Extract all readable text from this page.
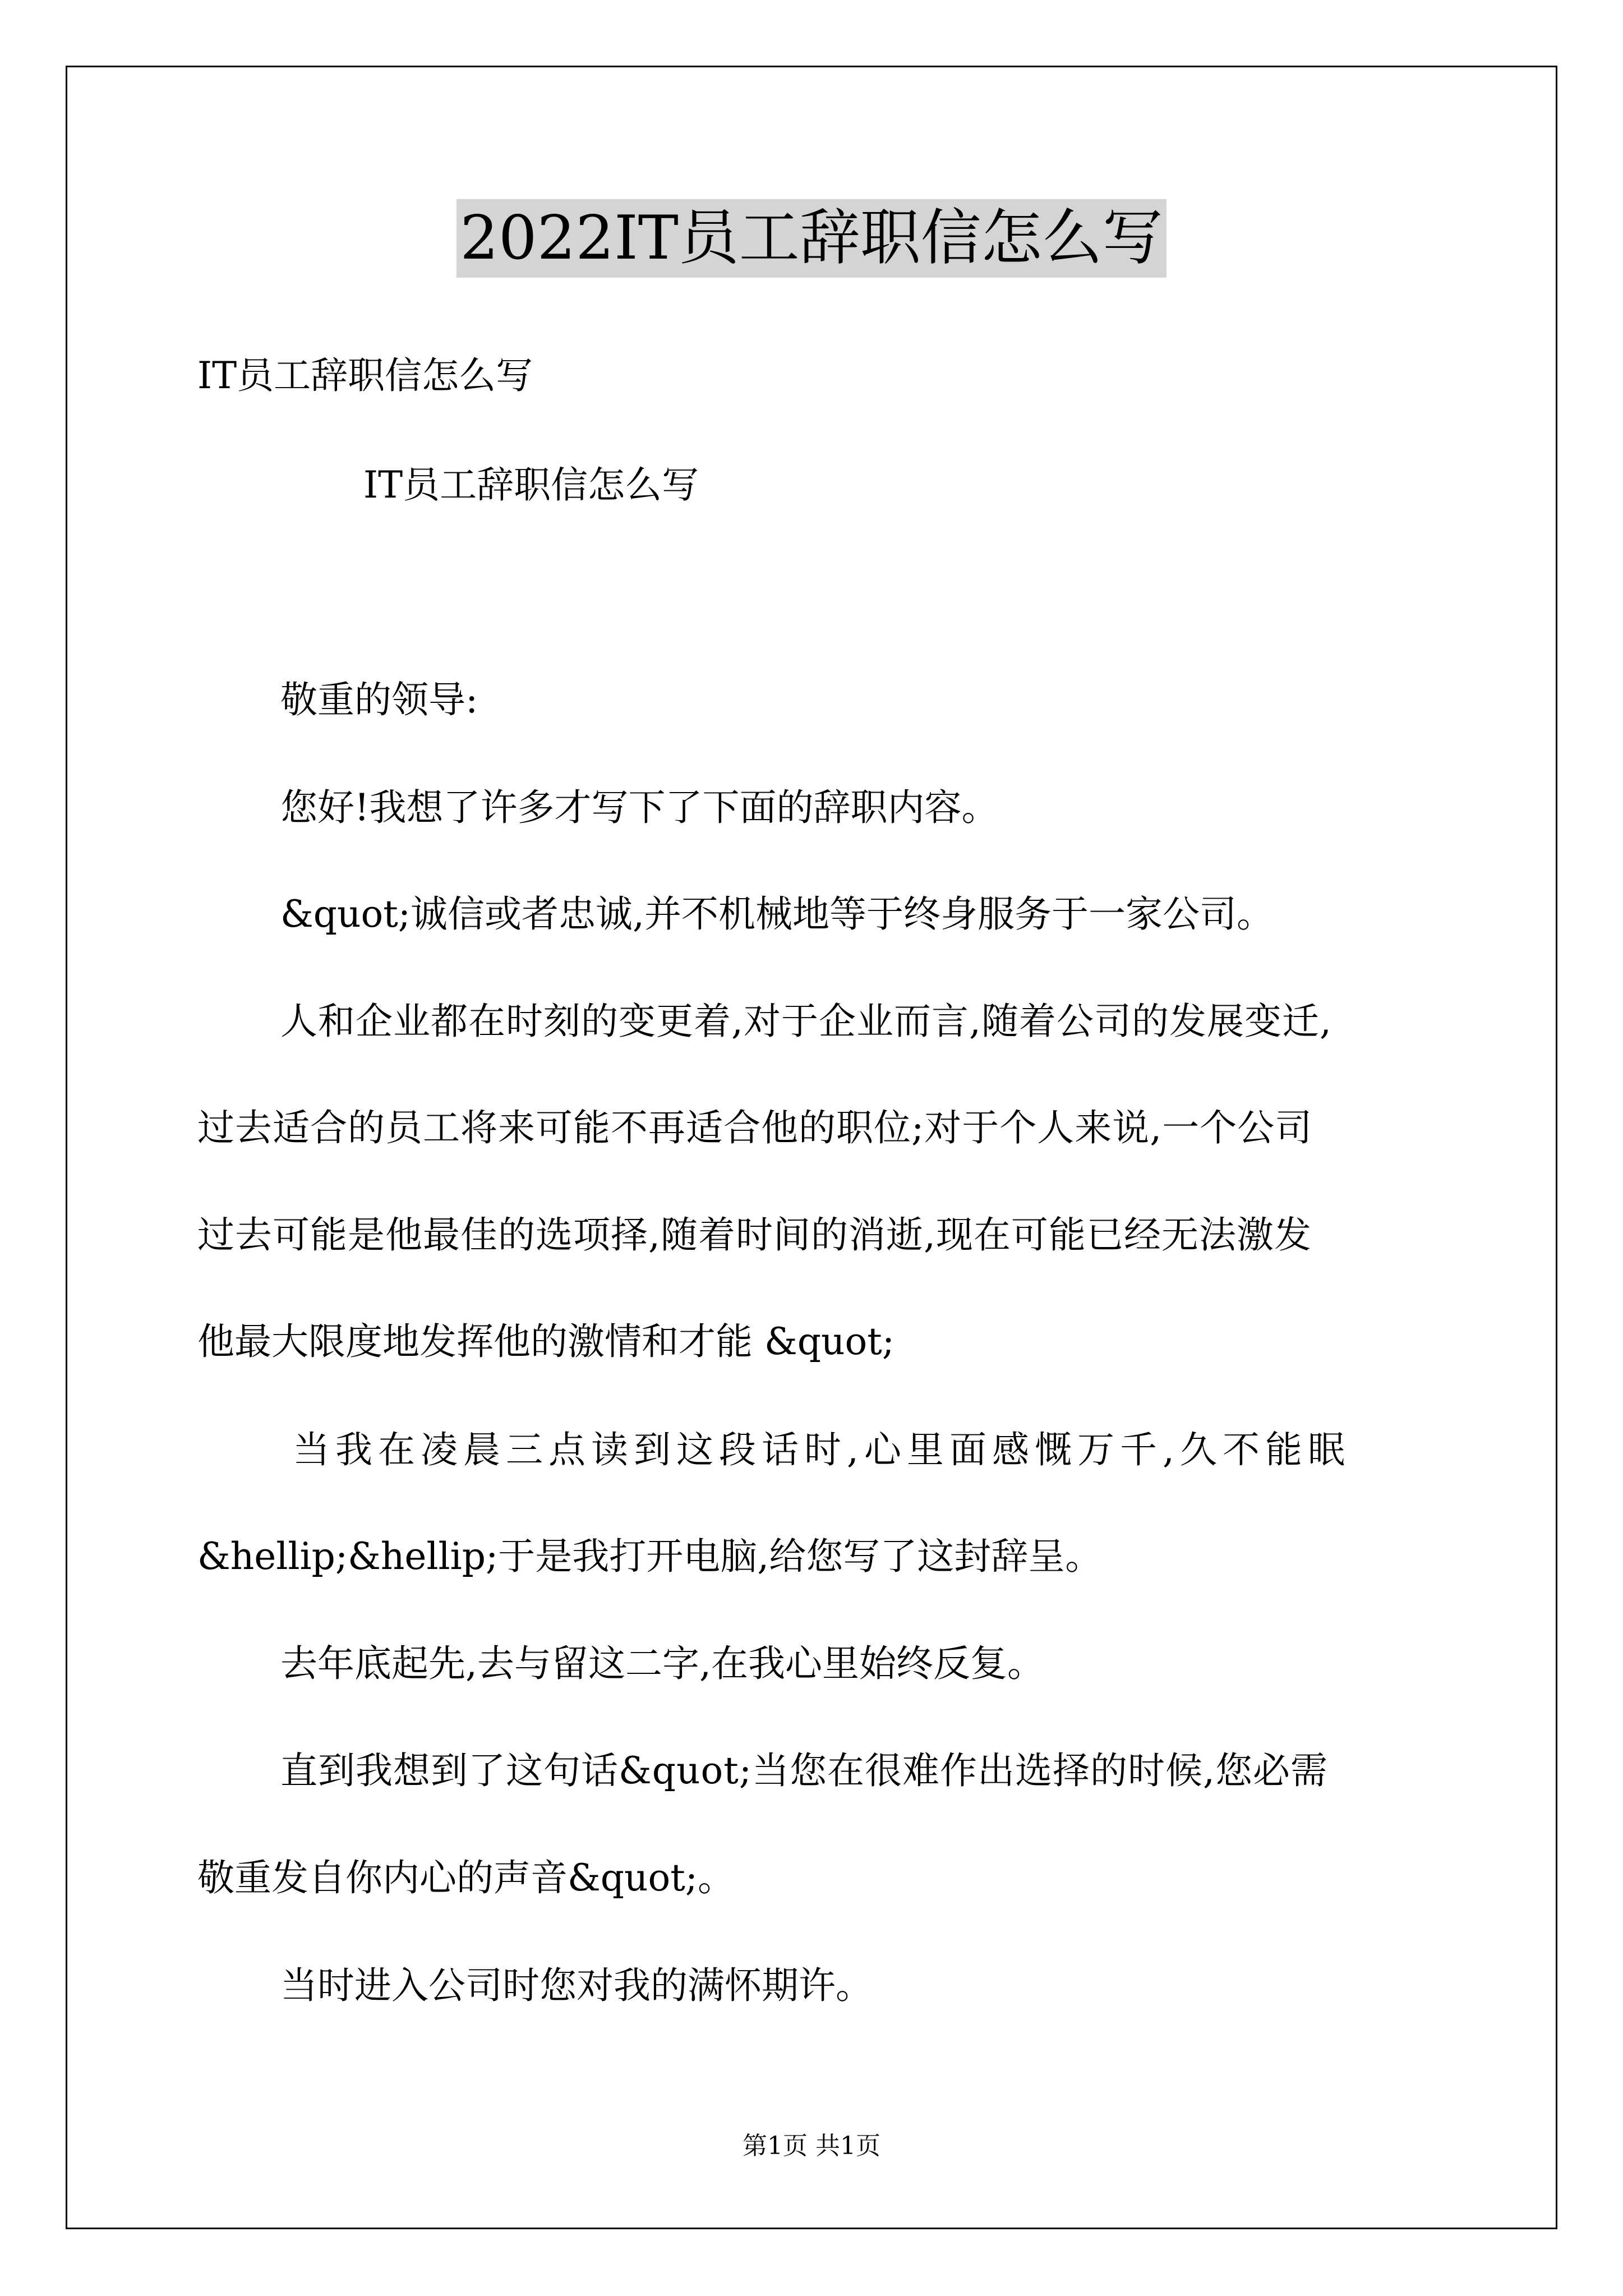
2022IT员工辞职信怎么写
IT员工辞职信怎么写
IT员工辞职信怎么写
敬重的领导:
您好!我想了许多才写下了下面的辞职内容。
&quot;诚信或者忠诚,并不机械地等于终身服务于一家公司。
人和企业都在时刻的变更着,对于企业而言,随着公司的发展变迁,
过去适合的员工将来可能不再适合他的职位;对于个人来说,一个公司
过去可能是他最佳的选项择,随着时间的消逝,现在可能已经无法激发
他最大限度地发挥他的激情和才能 &quot;
当我在凌晨三点读到这段话时,心里面感慨万千,久不能眠
&hellip;&hellip;于是我打开电脑,给您写了这封辞呈。
去年底起先,去与留这二字,在我心里始终反复。
直到我想到了这句话&quot;当您在很难作出选择的时候,您必需
敬重发自你内心的声音&quot;。
当时进入公司时您对我的满怀期许。
第1页 共1页
